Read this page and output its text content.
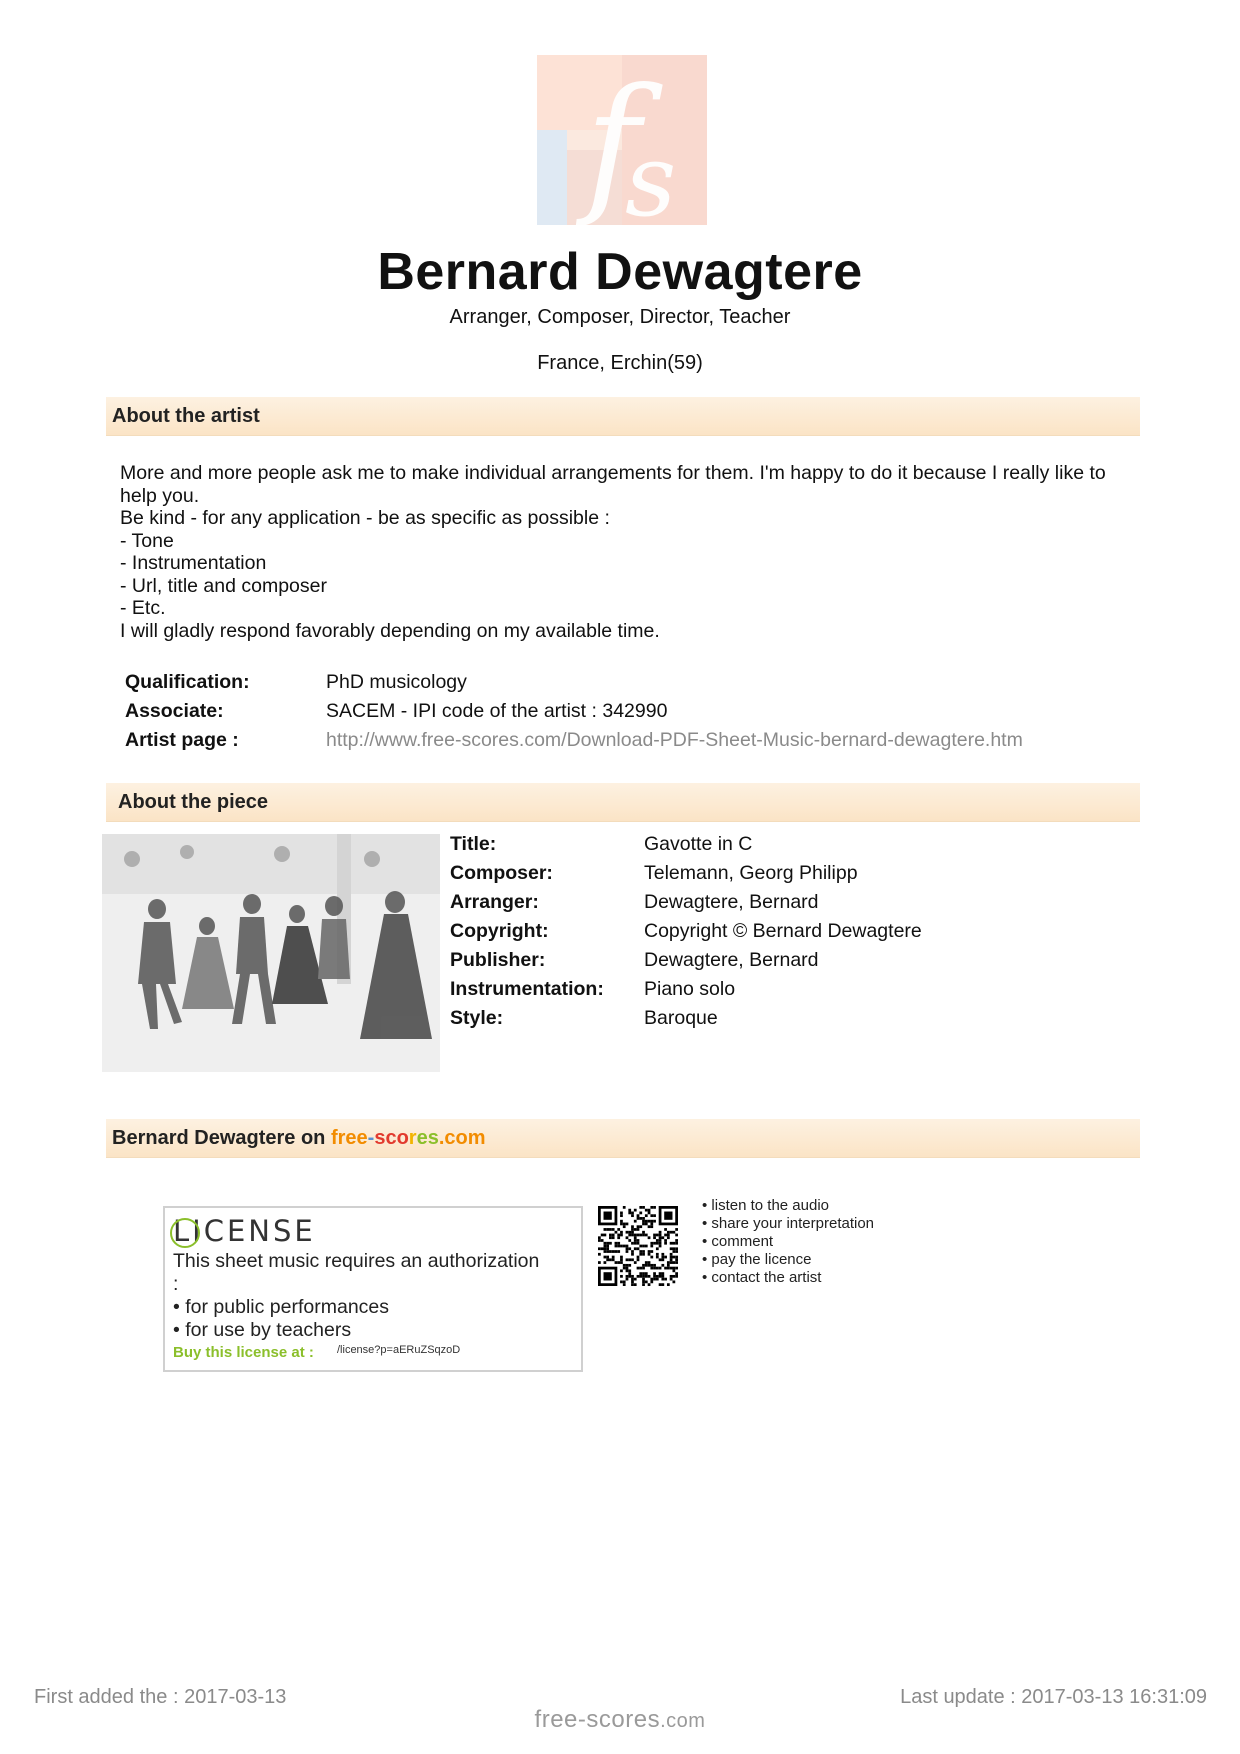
f
s
Bernard Dewagtere
Arranger, Composer, Director, Teacher
France, Erchin(59)
About the artist
More and more people ask me to make individual arrangements for them. I'm happy to do it because I really like to help you.
Be kind - for any application - be as specific as possible :
- Tone
- Instrumentation
- Url, title and composer
- Etc.
I will gladly respond favorably depending on my available time.
Qualification:	PhD musicology
Associate:	SACEM - IPI code of the artist : 342990
Artist page :	http://www.free-scores.com/Download-PDF-Sheet-Music-bernard-dewagtere.htm
About the piece
Title:	Gavotte in C
Composer:	Telemann, Georg Philipp
Arranger:	Dewagtere, Bernard
Copyright:	Copyright © Bernard Dewagtere
Publisher:	Dewagtere, Bernard
Instrumentation: Piano solo
Style:	Baroque
Bernard Dewagtere on free-scores.com
LICENSE
This sheet music requires an authorization
:
• for public performances
• for use by teachers
Buy this license at : /license?p=aERuZSqzoD
• listen to the audio
• share your interpretation
• comment
• pay the licence
• contact the artist
First added the : 2017-03-13	Last update : 2017-03-13 16:31:09
free-scores.com
